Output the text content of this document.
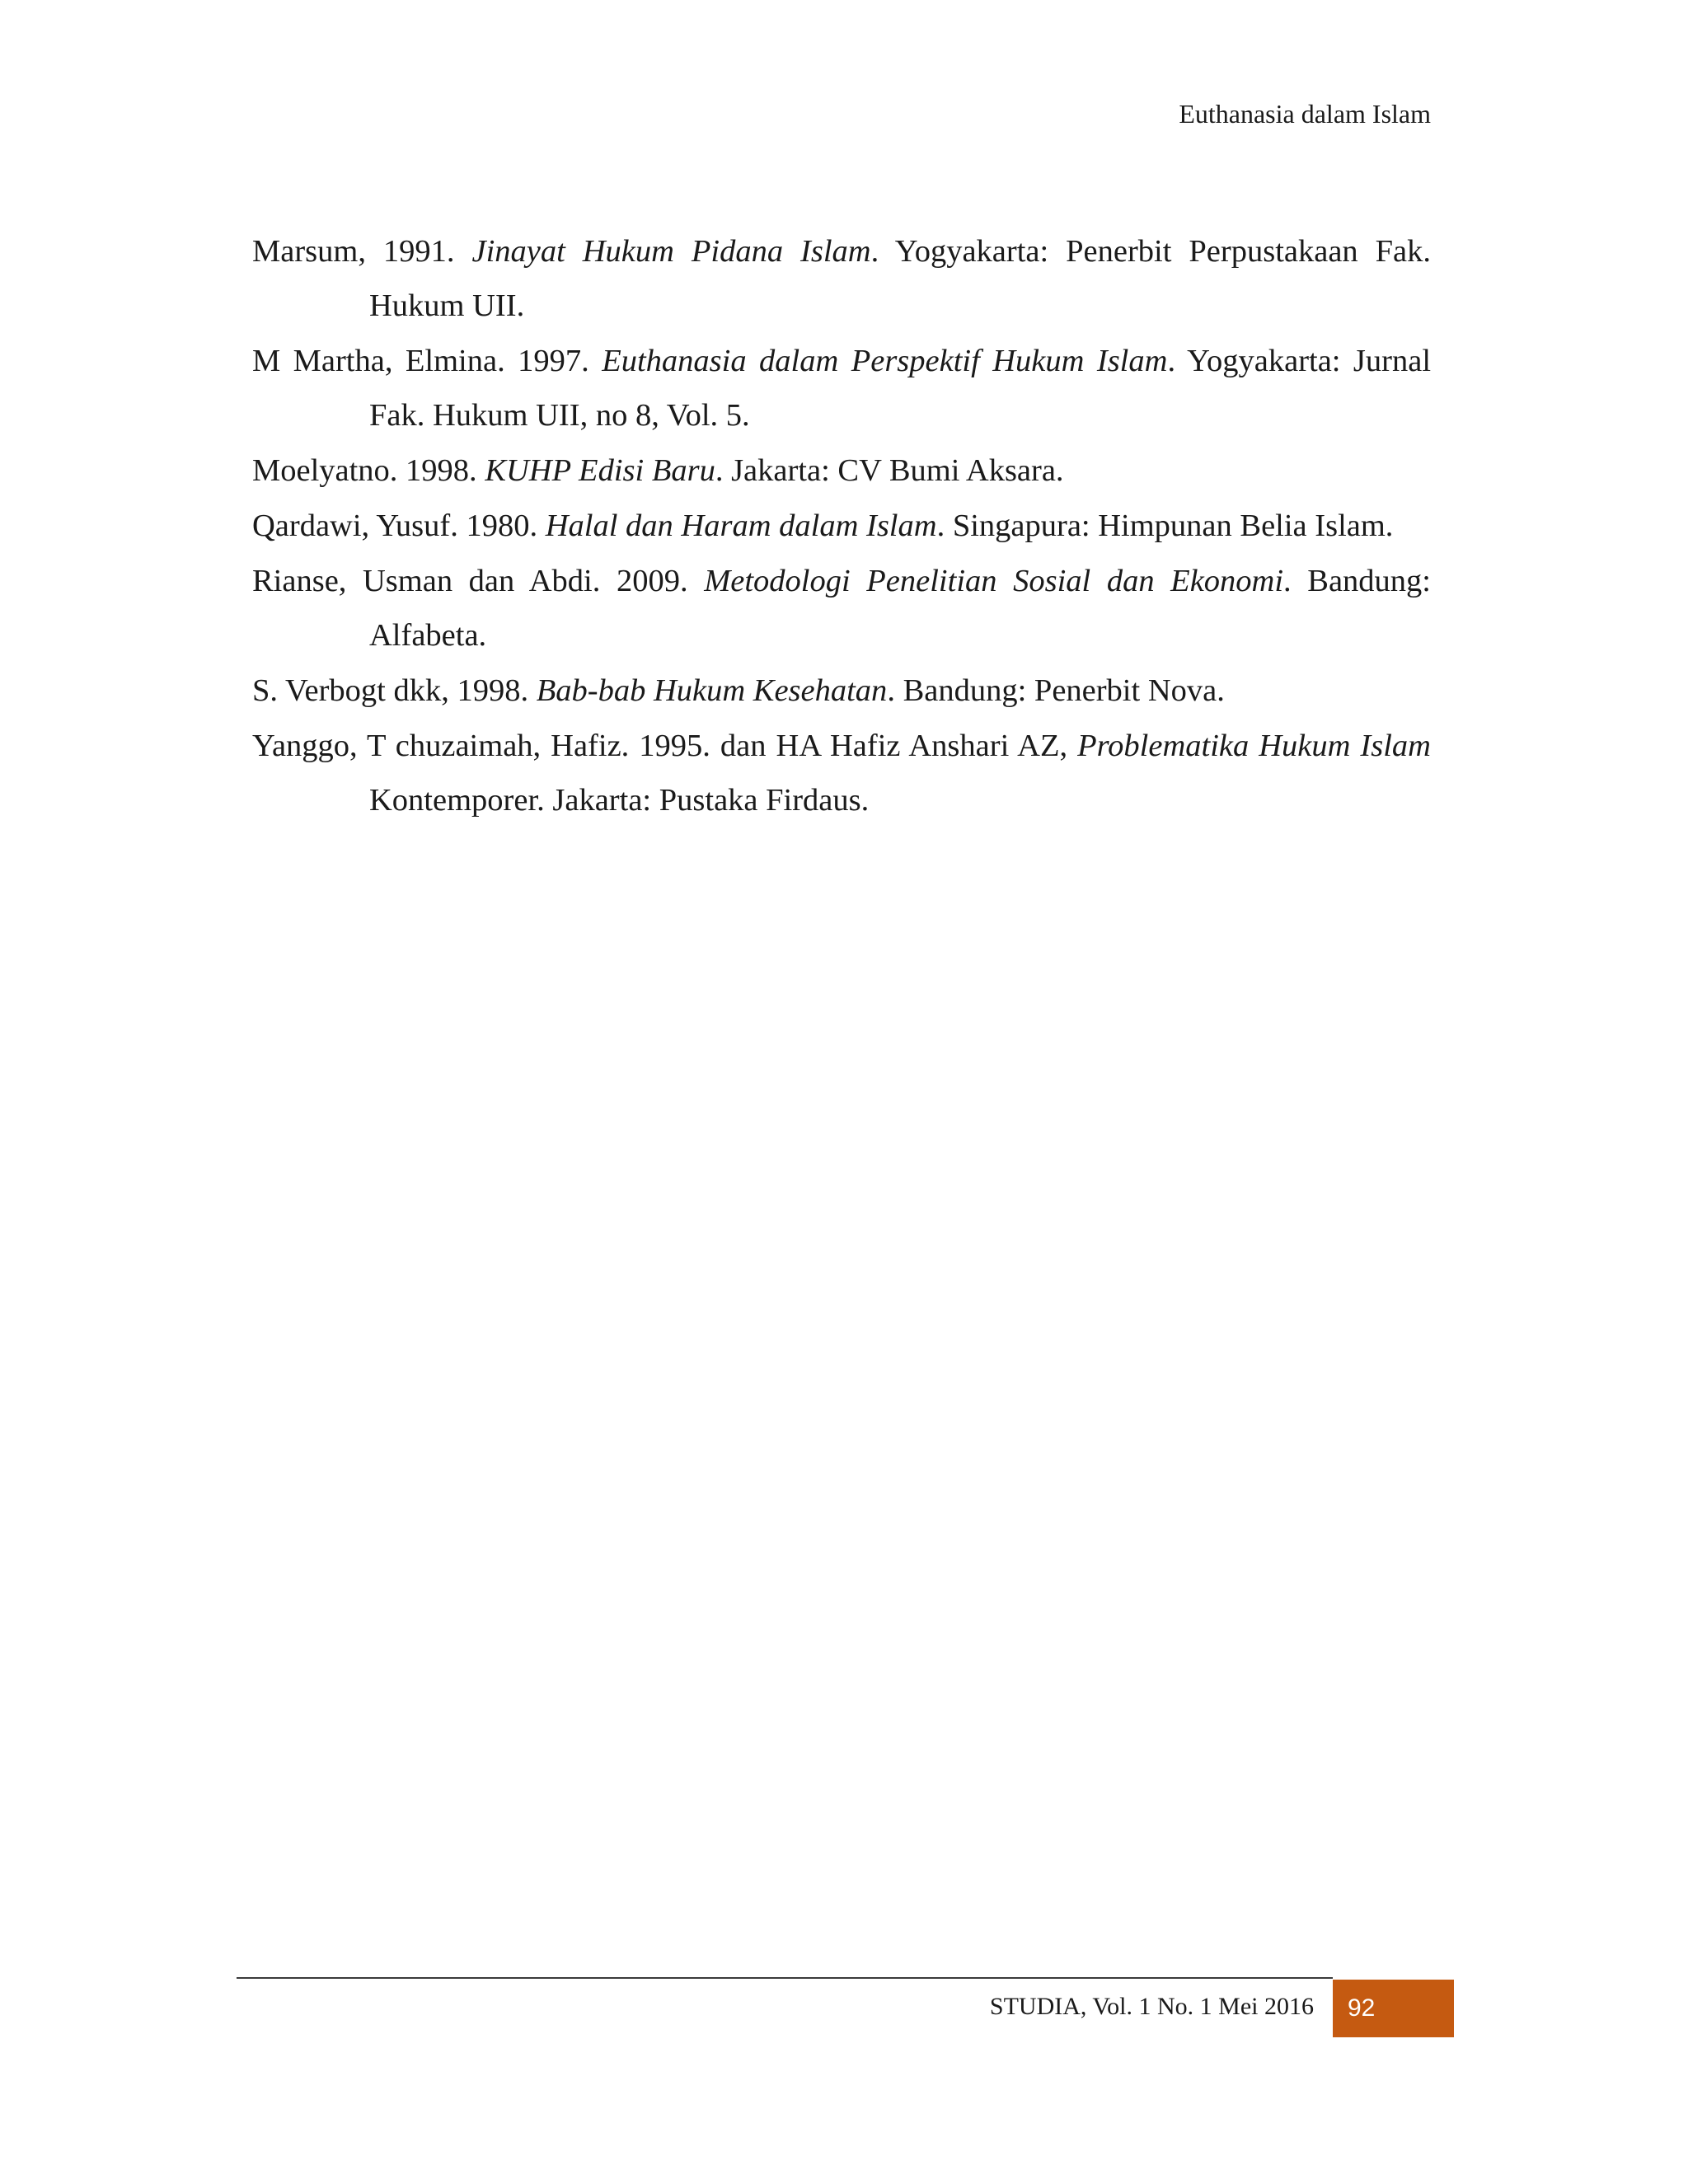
Euthanasia dalam Islam

Marsum, 1991. Jinayat Hukum Pidana Islam. Yogyakarta: Penerbit Perpustakaan Fak. Hukum UII.

M Martha, Elmina. 1997. Euthanasia dalam Perspektif Hukum Islam. Yogyakarta: Jurnal Fak. Hukum UII, no 8, Vol. 5.

Moelyatno. 1998. KUHP Edisi Baru. Jakarta: CV Bumi Aksara.

Qardawi, Yusuf. 1980. Halal dan Haram dalam Islam. Singapura: Himpunan Belia Islam.

Rianse, Usman dan Abdi. 2009. Metodologi Penelitian Sosial dan Ekonomi. Bandung: Alfabeta.

S. Verbogt dkk, 1998. Bab-bab Hukum Kesehatan. Bandung: Penerbit Nova.

Yanggo, T chuzaimah, Hafiz. 1995. dan HA Hafiz Anshari AZ, Problematika Hukum Islam Kontemporer. Jakarta: Pustaka Firdaus.

STUDIA, Vol. 1 No. 1 Mei 2016	92
